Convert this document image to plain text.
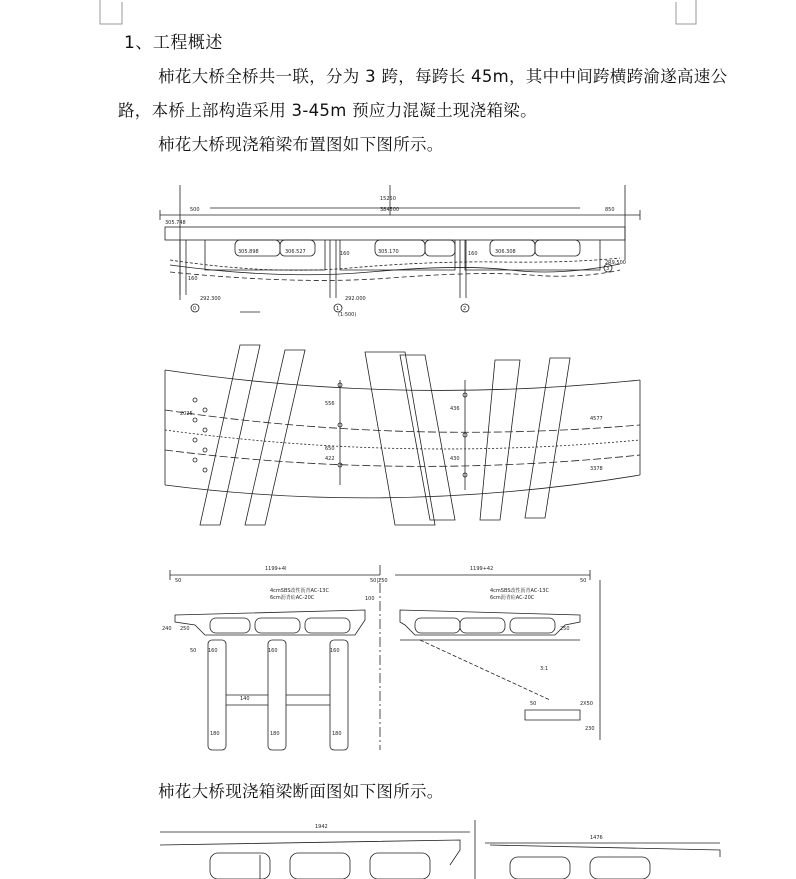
1、工程概述
柿花大桥全桥共一联，分为 3 跨，每跨长 45m，其中中间跨横跨渝遂高速公路，本桥上部构造采用 3-45m 预应力混凝土现浇箱梁。
柿花大桥现浇箱梁布置图如下图所示。
15250
384500
500	850
305.898	306.527	305.170	306.308
292.300	292.000
2R9.500
305.748
0	1	2
3
160	160
160
(1:500)
2025
556
650
422
4577
3378
436
430
1199+4l	1199+42
50	50|250	50
250	250
160	160	160
50
140
180	180	180
50	2X50
230
240
100
4cmSBS改性沥青AC-13C
6cm沥青砼AC-20C
4cmSBS改性沥青AC-13C
6cm沥青砼AC-20C
3:1
柿花大桥现浇箱梁断面图如下图所示。
1942
1476
